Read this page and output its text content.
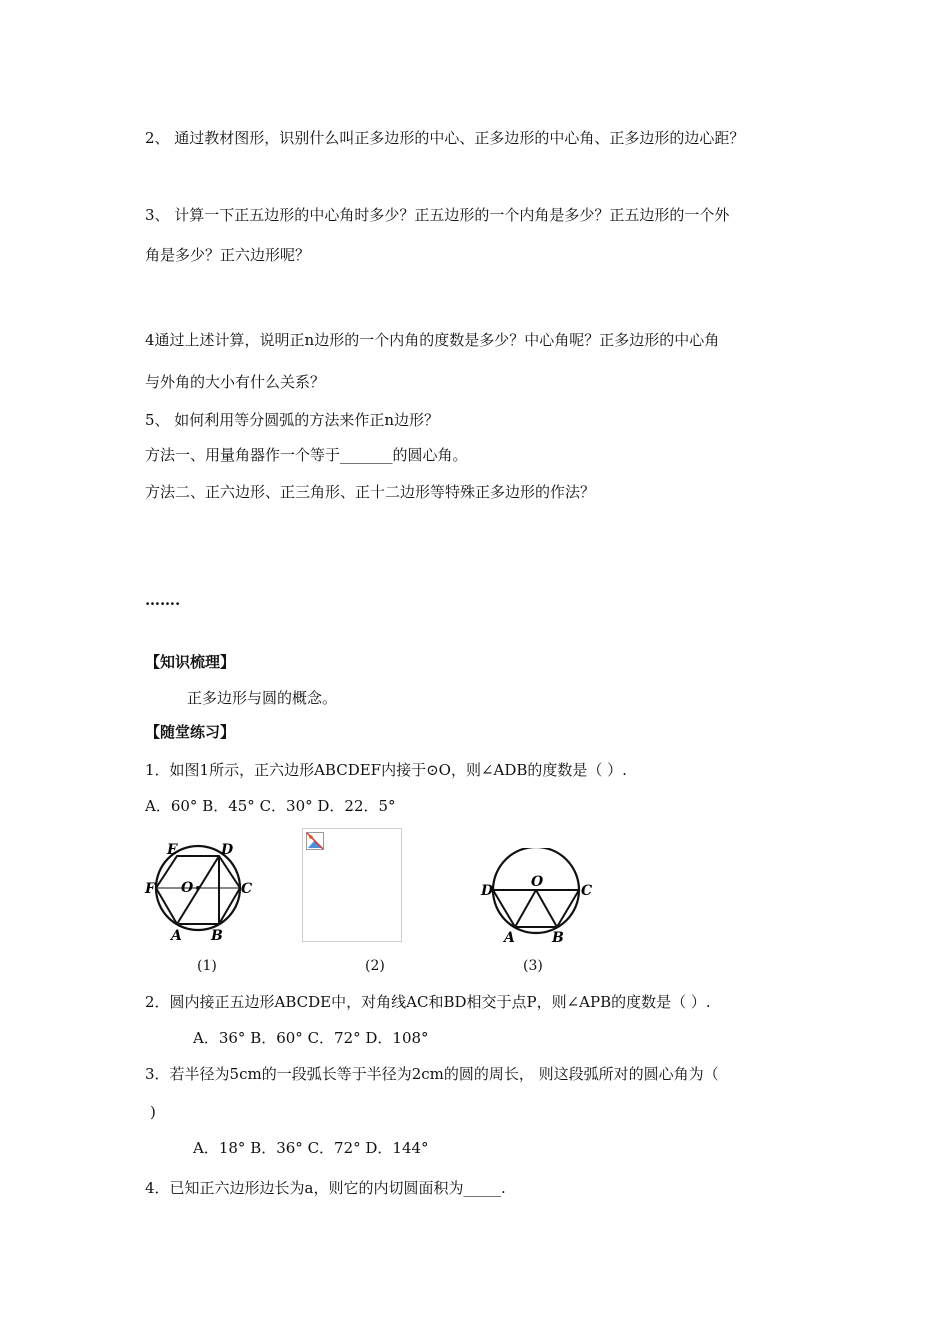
2、 通过教材图形，识别什么叫正多边形的中心、正多边形的中心角、正多边形的边心距？
3、 计算一下正五边形的中心角时多少？正五边形的一个内角是多少？正五边形的一个外
角是多少？正六边形呢？
4通过上述计算，说明正n边形的一个内角的度数是多少？中心角呢？正多边形的中心角
与外角的大小有什么关系？
5、 如何利用等分圆弧的方法来作正n边形？
方法一、用量角器作一个等于_______的圆心角。
方法二、正六边形、正三角形、正十二边形等特殊正多边形的作法？
…….
【知识梳理】
正多边形与圆的概念。
【随堂练习】
1．如图1所示，正六边形ABCDEF内接于⊙O，则∠ADB的度数是（ ）.
A．60° B．45° C．30° D．22．5°
E	D
F O	C
A B
(1)	(2)
D
O
C
A	B
(3)
2．圆内接正五边形ABCDE中，对角线AC和BD相交于点P，则∠APB的度数是（ ）.
A．36° B．60° C．72° D．108°
3．若半径为5cm的一段弧长等于半径为2cm的圆的周长， 则这段弧所对的圆心角为（
)
A．18° B．36° C．72° D．144°
4．已知正六边形边长为a，则它的内切圆面积为_____.
